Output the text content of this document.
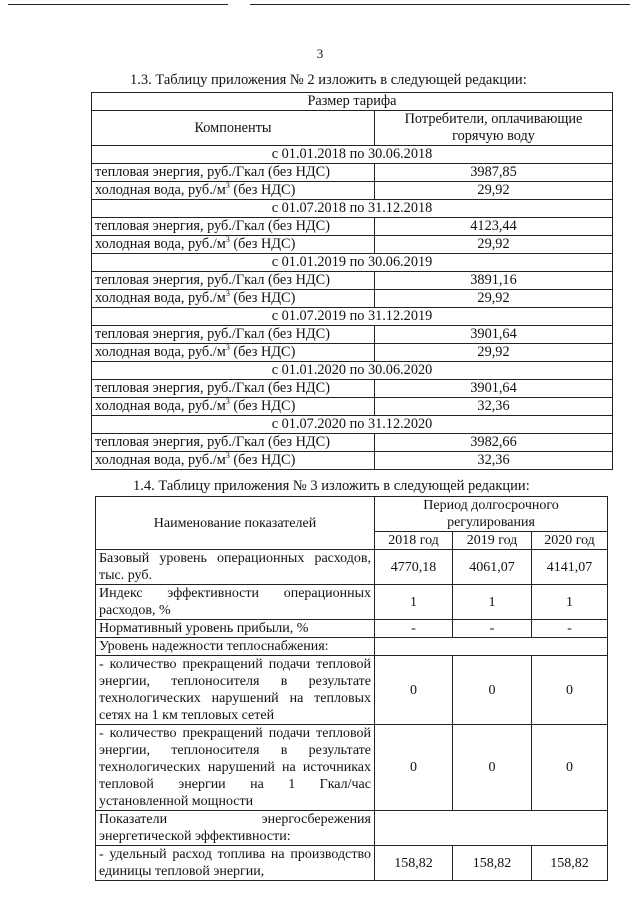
3
1.3. Таблицу приложения № 2 изложить в следующей редакции:
Размер тарифа	
Компоненты	Потребители, оплачивающие горячую воду
с 01.01.2018 по 30.06.2018	
тепловая энергия, руб./Гкал (без НДС)	3987,85
холодная вода, $руб./м^3$ (без НДС)	29,92
с 01.07.2018 по 31.12.2018	
тепловая энергия, руб./Гкал (без НДС)	4123,44
холодная вода, $руб./м^3$ (без НДС)	29,92
с 01.01.2019 по 30.06.2019	
тепловая энергия, руб./Гкал (без НДС)	3891,16
холодная вода, $руб./м^3$ (без НДС)	29,92
с 01.07.2019 по 31.12.2019	
тепловая энергия, руб./Гкал (без НДС)	3901,64
холодная вода, $руб./м^3$ (без НДС)	29,92
с 01.01.2020 по 30.06.2020	
тепловая энергия, руб./Гкал (без НДС)	3901,64
холодная вода, $руб./м^3$ (без НДС)	32,36
с 01.07.2020 по 31.12.2020	
тепловая энергия, руб./Гкал (без НДС)	3982,66
холодная вода, $руб./м^3$ (без НДС)	32,36
1.4. Таблицу приложения № 3 изложить в следующей редакции:
Наименование показателей	Период долгосрочного регулирования		
	2018 год	2019 год	2020 год
Базовый уровень операционных расходов, тыс. руб.	4770,18	4061,07	4141,07
Индекс эффективности операционных расходов, %	1	1	1
Нормативный уровень прибыли, %	-	-	-
Уровень надежности теплоснабжения:			
- количество прекращений подачи тепловой энергии, теплоносителя в результате технологических нарушений на тепловых сетях на 1 км тепловых сетей	0	0	0
- количество прекращений подачи тепловой энергии, теплоносителя в результате технологических нарушений на источниках тепловой энергии на 1 Гкал/час установленной мощности	0	0	0
Показатели энергосбережения энергетической эффективности:			
- удельный расход топлива на производство единицы тепловой энергии,	158,82	158,82	158,82
